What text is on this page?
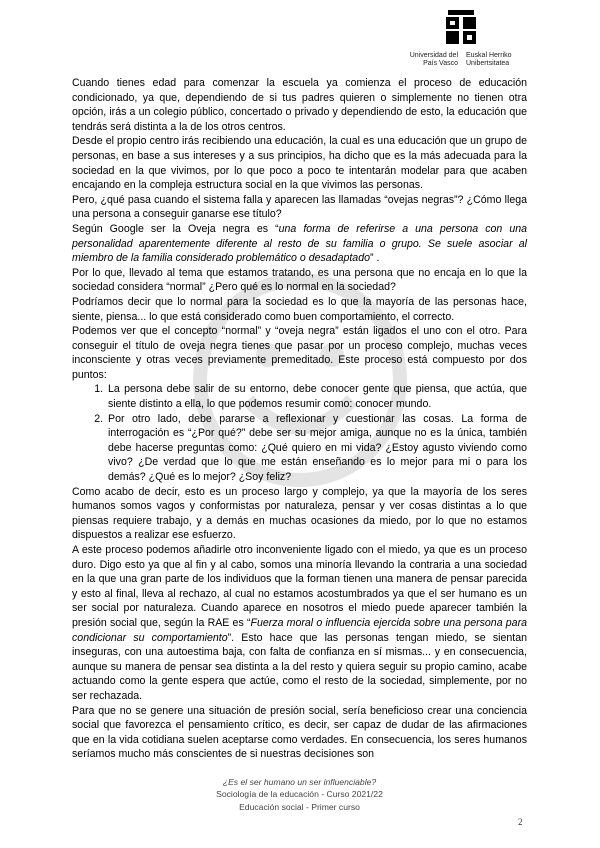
Universidad del País Vasco
Euskal Herriko Unibertsitatea

Cuando tienes edad para comenzar la escuela ya comienza el proceso de educación condicionado, ya que, dependiendo de si tus padres quieren o simplemente no tienen otra opción, irás a un colegio público, concertado o privado y dependiendo de esto, la educación que tendrás será distinta a la de los otros centros.

Desde el propio centro irás recibiendo una educación, la cual es una educación que un grupo de personas, en base a sus intereses y a sus principios, ha dicho que es la más adecuada para la sociedad en la que vivimos, por lo que poco a poco te intentarán modelar para que acaben encajando en la compleja estructura social en la que vivimos las personas.

Pero, ¿qué pasa cuando el sistema falla y aparecen las llamadas “ovejas negras”? ¿Cómo llega una persona a conseguir ganarse ese título?

Según Google ser la Oveja negra es “una forma de referirse a una persona con una personalidad aparentemente diferente al resto de su familia o grupo. Se suele asociar al miembro de la familia considerado problemático o desadaptado” .

Por lo que, llevado al tema que estamos tratando, es una persona que no encaja en lo que la sociedad considera “normal” ¿Pero qué es lo normal en la sociedad?

Podríamos decir que lo normal para la sociedad es lo que la mayoría de las personas hace, siente, piensa... lo que está considerado como buen comportamiento, el correcto.

Podemos ver que el concepto “normal” y “oveja negra” están ligados el uno con el otro. Para conseguir el título de oveja negra tienes que pasar por un proceso complejo, muchas veces inconsciente y otras veces previamente premeditado. Este proceso está compuesto por dos puntos:

1. La persona debe salir de su entorno, debe conocer gente que piensa, que actúa, que siente distinto a ella, lo que podemos resumir como: conocer mundo.
2. Por otro lado, debe pararse a reflexionar y cuestionar las cosas. La forma de interrogación es “¿Por qué?” debe ser su mejor amiga, aunque no es la única, también debe hacerse preguntas como: ¿Qué quiero en mi vida? ¿Estoy agusto viviendo como vivo? ¿De verdad que lo que me están enseñando es lo mejor para mi o para los demás? ¿Qué es lo mejor? ¿Soy feliz?

Como acabo de decir, esto es un proceso largo y complejo, ya que la mayoría de los seres humanos somos vagos y conformistas por naturaleza, pensar y ver cosas distintas a lo que piensas requiere trabajo, y a demás en muchas ocasiones da miedo, por lo que no estamos dispuestos a realizar ese esfuerzo.

A este proceso podemos añadirle otro inconveniente ligado con el miedo, ya que es un proceso duro. Digo esto ya que al fin y al cabo, somos una minoría llevando la contraria a una sociedad en la que una gran parte de los individuos que la forman tienen una manera de pensar parecida y esto al final, lleva al rechazo, al cual no estamos acostumbrados ya que el ser humano es un ser social por naturaleza. Cuando aparece en nosotros el miedo puede aparecer también la presión social que, según la RAE es “Fuerza moral o influencia ejercida sobre una persona para condicionar su comportamiento”. Esto hace que las personas tengan miedo, se sientan inseguras, con una autoestima baja, con falta de confianza en sí mismas... y en consecuencia, aunque su manera de pensar sea distinta a la del resto y quiera seguir su propio camino, acabe actuando como la gente espera que actúe, como el resto de la sociedad, simplemente, por no ser rechazada.

Para que no se genere una situación de presión social, sería beneficioso crear una conciencia social que favorezca el pensamiento crítico, es decir, ser capaz de dudar de las afirmaciones que en la vida cotidiana suelen aceptarse como verdades. En consecuencia, los seres humanos seríamos mucho más conscientes de si nuestras decisiones son

¿Es el ser humano un ser influenciable?
Sociología de la educación - Curso 2021/22
Educación social - Primer curso
2
